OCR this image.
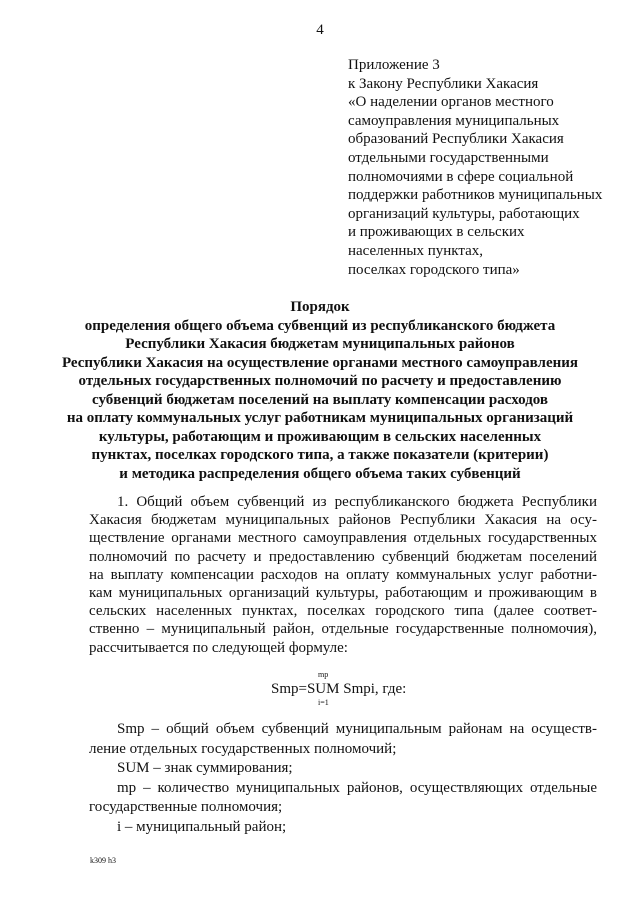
4
Приложение 3
к Закону Республики Хакасия
«О наделении органов местного
самоуправления муниципальных
образований Республики Хакасия
отдельными государственными
полномочиями в сфере социальной
поддержки работников муниципальных
организаций культуры, работающих
и проживающих в сельских
населенных пунктах,
поселках городского типа»
Порядок
определения общего объема субвенций из республиканского бюджета
Республики Хакасия бюджетам муниципальных районов
Республики Хакасия на осуществление органами местного самоуправления
отдельных государственных полномочий по расчету и предоставлению
субвенций бюджетам поселений на выплату компенсации расходов
на оплату коммунальных услуг работникам муниципальных организаций
культуры, работающим и проживающим в сельских населенных
пунктах, поселках городского типа, а также показатели (критерии)
и методика распределения общего объема таких субвенций
1. Общий объем субвенций из республиканского бюджета Республики
Хакасия бюджетам муниципальных районов Республики Хакасия на осу-
ществление органами местного самоуправления отдельных государственных
полномочий по расчету и предоставлению субвенций бюджетам поселений
на выплату компенсации расходов на оплату коммунальных услуг работни-
кам муниципальных организаций культуры, работающим и проживающим в
сельских населенных пунктах, поселках городского типа (далее соответ-
ственно – муниципальный район, отдельные государственные полномочия),
рассчитывается по следующей формуле:
mp
Smp=SUM Smpi, где:
i=1
Smp – общий объем субвенций муниципальным районам на осуществ-
ление отдельных государственных полномочий;
SUM – знак суммирования;
mp – количество муниципальных районов, осуществляющих отдельные
государственные полномочия;
i – муниципальный район;
k309 h3
